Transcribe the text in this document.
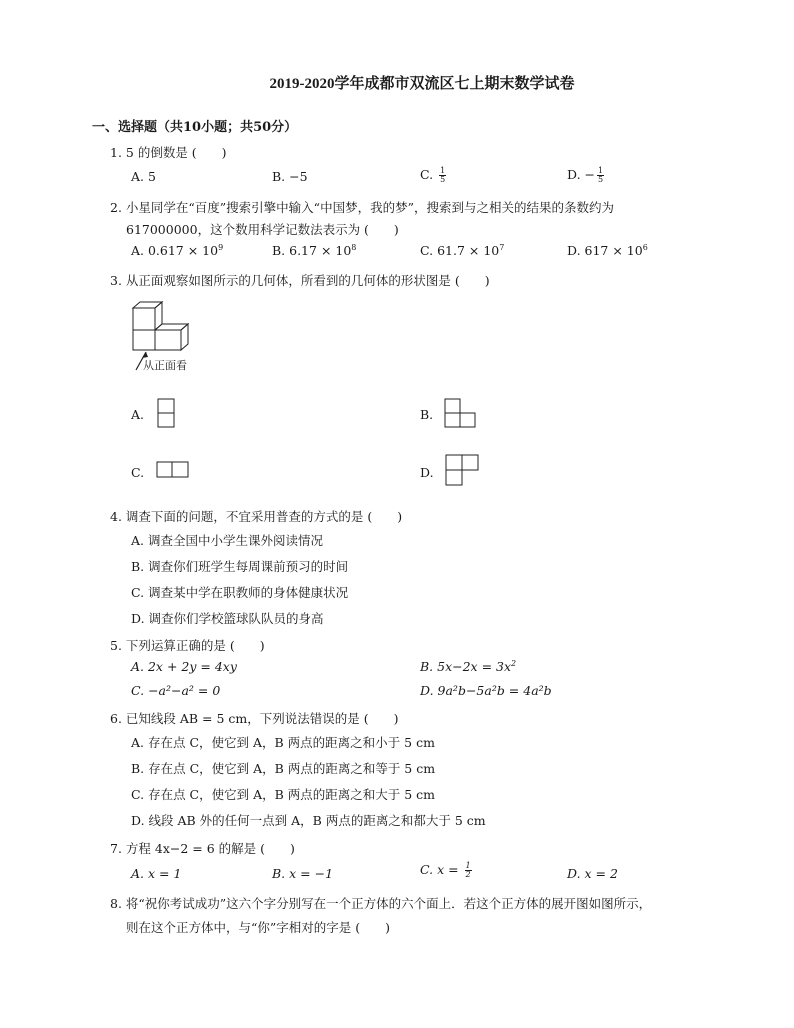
2019-2020学年成都市双流区七上期末数学试卷
一、选择题（共10小题；共50分）
1. 5 的倒数是 (　　)
A. 5	B. −5	C. $\frac{1}{5}$	D. − $\frac{1}{5}$
2. 小星同学在“百度”搜索引擎中输入“中国梦，我的梦”，搜索到与之相关的结果的条数约为
617000000，这个数用科学记数法表示为 (　　)
A. $0.617 \times 10^9$	B. $6.17 \times 10^8$	C. $61.7 \times 10^7$	D. $617 \times 10^6$
3. 从正面观察如图所示的几何体，所看到的几何体的形状图是 (　　)
从正面看
A.	B.
C.	D.
4. 调查下面的问题，不宜采用普查的方式的是 (　　)
A. 调查全国中小学生课外阅读情况
B. 调查你们班学生每周课前预习的时间
C. 调查某中学在职教师的身体健康状况
D. 调查你们学校篮球队队员的身高
5. 下列运算正确的是 (　　)
A. 2x + 2y = 4xy	B. $5x-2x = 3x^2$
C. −a²−a² = 0	D. 9a²b−5a²b = 4a²b
6. 已知线段 AB = 5 cm，下列说法错误的是 (　　)
A. 存在点 C，使它到 A，B 两点的距离之和小于 5 cm
B. 存在点 C，使它到 A，B 两点的距离之和等于 5 cm
C. 存在点 C，使它到 A，B 两点的距离之和大于 5 cm
D. 线段 AB 外的任何一点到 A，B 两点的距离之和都大于 5 cm
7. 方程 4x−2 = 6 的解是 (　　)
A. x = 1	B. x = −1	C. $x = \frac{1}{2}$	D. x = 2
8. 将“祝你考试成功”这六个字分别写在一个正方体的六个面上．若这个正方体的展开图如图所示，
则在这个正方体中，与“你”字相对的字是 (　　)
